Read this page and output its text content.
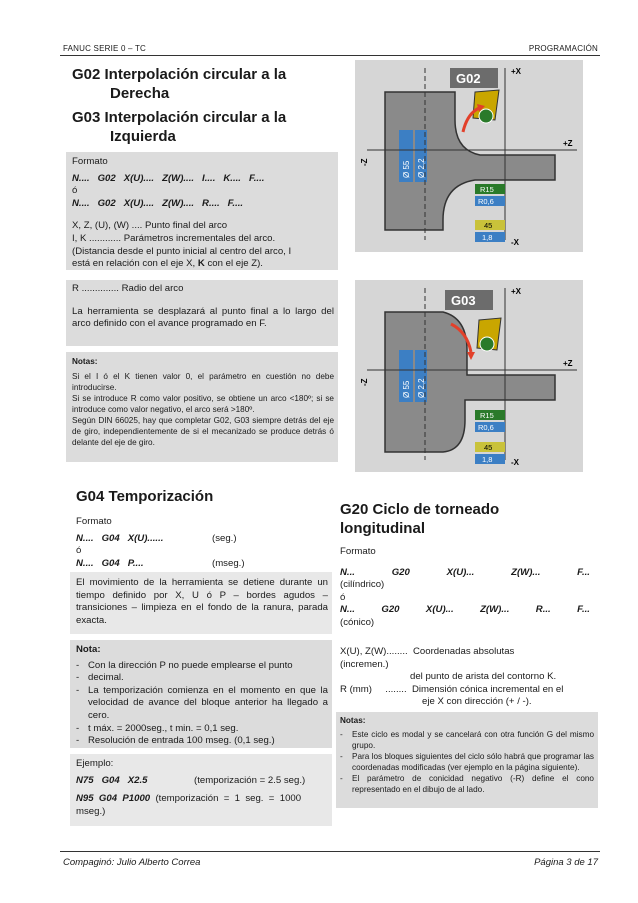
FANUC SERIE 0 – TC	PROGRAMACIÓN
G02 Interpolación circular a la
Derecha
G03 Interpolación circular a la
Izquierda
Formato
N....   G02   X(U)....   Z(W)....   I....   K....   F....
ó
N....   G02   X(U)....   Z(W)....   R....   F....
X, Z, (U), (W) .... Punto final del arco
I, K ............ Parámetros incrementales del arco.
(Distancia desde el punto inicial al centro del arco, I
está en relación con el eje X, K con el eje Z).
R .............. Radio del arco
La herramienta se desplazará al punto final a lo largo del arco definido con el avance programado en F.
Notas:
Si el I ó el K tienen valor 0, el parámetro en cuestión no debe introducirse.
Si se introduce R como valor positivo, se obtiene un arco <180º; si se introduce como valor negativo, el arco será >180º.
Según DIN 66025, hay que completar G02, G03 siempre detrás del eje de giro, independientemente de si el mecanizado se produce detrás ó delante del eje de giro.
Ø 55 Ø 2,2
G02	+X
-X
+Z
-Z
R15
R0,6
45
1,8
Ø 55 Ø 2,2
G03
+X
-X
+Z
-Z
R15
R0,6
45
1,8
G04 Temporización
Formato
N....   G04   X(U)......	(seg.)
ó
N....   G04   P....	(mseg.)
El movimiento de la herramienta se detiene durante un tiempo definido por X, U ó P – bordes agudos – transiciones – limpieza en el fondo de la ranura, parada exacta.
Nota:
- Con la dirección P no puede emplearse el punto
- decimal.
- La temporización comienza en el momento en que la velocidad de avance del bloque anterior ha llegado a cero.
- t máx. = 2000seg., t min. = 0,1 seg.
- Resolución de entrada 100 mseg. (0,1 seg.)
Ejemplo:
N75   G04   X2.5	(temporización = 2.5 seg.)
N95  G04  P1000 (temporización  =  1  seg.  =  1000 mseg.)
G20 Ciclo de torneado
longitudinal
Formato
N...	G20	X(U)...	Z(W)...	F...
(cilíndrico)
ó
N...	G20	X(U)...	Z(W)...	R...	F...
(cónico)
X(U), Z(W)........  Coordenadas absolutas
(incremen.)
del punto de arista del contorno K.
R (mm)     ........  Dimensión cónica incremental en el
eje X con dirección (+ / -).
Notas:
-	Este ciclo es modal y se cancelará con otra función G del mismo grupo.
-	Para los bloques siguientes del ciclo sólo habrá que programar las coordenadas modificadas (ver ejemplo en la página siguiente).
-	El parámetro de conicidad negativo (-R) define el cono representado en el dibujo de al lado.
Compaginó: Julio Alberto Correa	Página 3 de 17
